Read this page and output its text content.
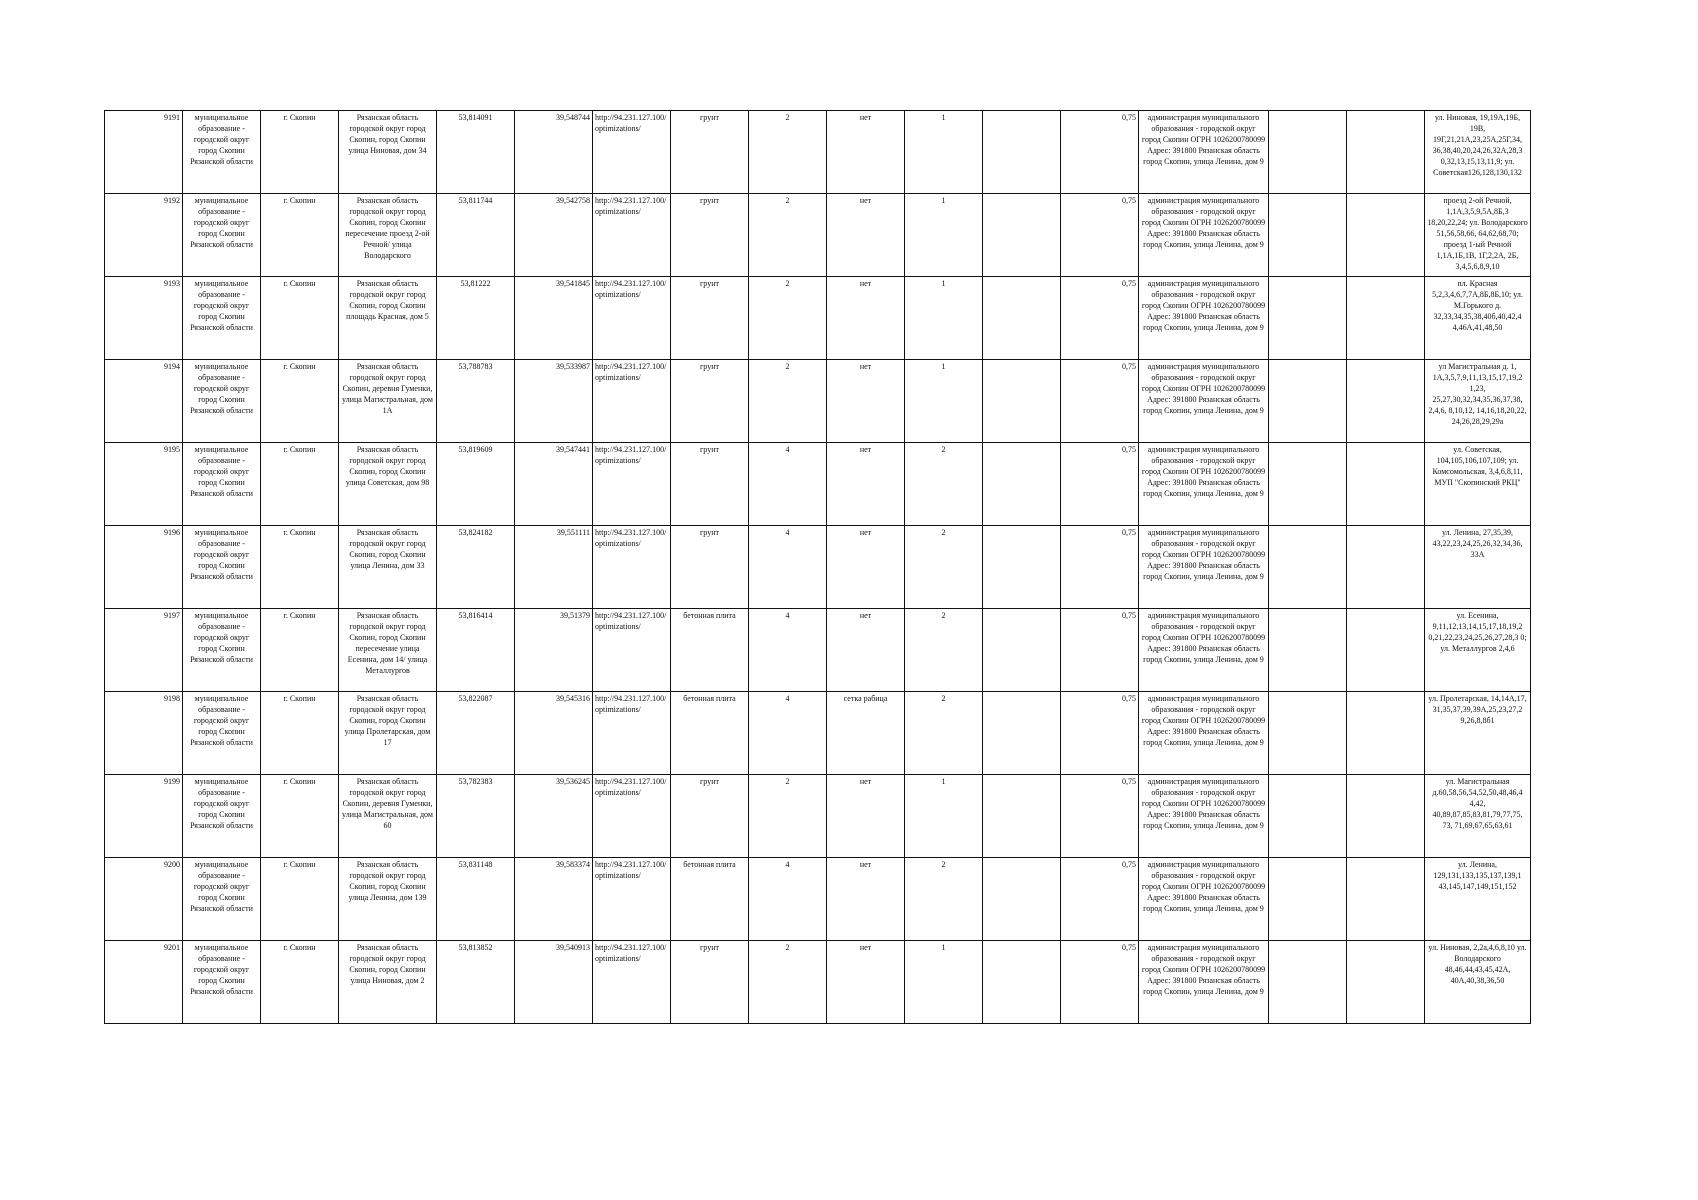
9191	муниципальное образование - городской округ город Скопин Рязанской области	г. Скопин	Рязанская область городской округ город Скопин, город Скопин улица Ниновая, дом 34	53,814091	39,548744	http://94.231.127.100/optimizations/	грунт	2	нет	1		0,75	администрация муниципального образования - городской округ город Скопин ОГРН 1026200780099 Адрес: 391800 Рязанская область город Скопин, улица Ленина, дом 9			ул. Ниновая, 19,19А,19Б, 19В, 19Г,21,21А,23,25А,25Г,34, 36,38,40,20,24,26,32А,28,3 0,32,13,15,13,11,9; ул. Советская126,128,130,132
9192	муниципальное образование - городской округ город Скопин Рязанской области	г. Скопин	Рязанская область городской округ город Скопин, город Скопин пересечение проезд 2-ой Речной/ улица Володарского	53,811744	39,542758	http://94.231.127.100/optimizations/	грунт	2	нет	1		0,75	администрация муниципального образования - городской округ город Скопин ОГРН 1026200780099 Адрес: 391800 Рязанская область город Скопин, улица Ленина, дом 9			проезд 2-ой Речной, 1,1А,3,5,9,5А,8Б,3 18,20,22,24; ул. Володарского 51,56,58,66, 64,62,68,70; проезд 1-ый Речной 1,1А,1Б,1В, 1Г,2,2А, 2Б, 3,4,5,6,8,9,10
9193	муниципальное образование - городской округ город Скопин Рязанской области	г. Скопин	Рязанская область городской округ город Скопин, город Скопин площадь Красная, дом 5	53,81222	39,541845	http://94.231.127.100/optimizations/	грунт	2	нет	1		0,75	администрация муниципального образования - городской округ город Скопин ОГРН 1026200780099 Адрес: 391800 Рязанская область город Скопин, улица Ленина, дом 9			пл. Красная 5,2,3,4,6,7,7А,8Б,8Б,10; ул. М.Горького д. 32,33,34,35,38,40б,40,42,4 4,46А,41,48,50
9194	муниципальное образование - городской округ город Скопин Рязанской области	г. Скопин	Рязанская область городской округ город Скопин, деревня Гуменки, улица Магистральная, дом 1А	53,788783	39,533987	http://94.231.127.100/optimizations/	грунт	2	нет	1		0,75	администрация муниципального образования - городской округ город Скопин ОГРН 1026200780099 Адрес: 391800 Рязанская область город Скопин, улица Ленина, дом 9			ул Магистральная д. 1, 1А,3,5,7,9,11,13,15,17,19,2 1,23, 25,27,30,32,34,35,36,37,38, 2,4,6, 8,10,12, 14,16,18,20,22, 24,26,28,29,29а
9195	муниципальное образование - городской округ город Скопин Рязанской области	г. Скопин	Рязанская область городской округ город Скопин, город Скопин улица Советская, дом 98	53,819609	39,547441	http://94.231.127.100/optimizations/	грунт	4	нет	2		0,75	администрация муниципального образования - городской округ город Скопин ОГРН 1026200780099 Адрес: 391800 Рязанская область город Скопин, улица Ленина, дом 9			ул. Советская, 104,105,106,107,109; ул. Комсомольская, 3,4,6,8,11, МУП "Скопинский РКЦ"
9196	муниципальное образование - городской округ город Скопин Рязанской области	г. Скопин	Рязанская область городской округ город Скопин, город Скопин улица Ленина, дом 33	53,824182	39,551111	http://94.231.127.100/optimizations/	грунт	4	нет	2		0,75	администрация муниципального образования - городской округ город Скопин ОГРН 1026200780099 Адрес: 391800 Рязанская область город Скопин, улица Ленина, дом 9			ул. Ленина, 27,35,39, 43,22,23,24,25,26,32,34,36, 33А
9197	муниципальное образование - городской округ город Скопин Рязанской области	г. Скопин	Рязанская область городской округ город Скопин, город Скопин пересечение улица Есенина, дом 14/ улица Металлургов	53,816414	39,51379	http://94.231.127.100/optimizations/	бетонная плита	4	нет	2		0,75	администрация муниципального образования - городской округ город Скопин ОГРН 1026200780099 Адрес: 391800 Рязанская область город Скопин, улица Ленина, дом 9			ул. Есенина, 9,11,12,13,14,15,17,18,19,2 0,21,22,23,24,25,26,27,28,3 0; ул. Металлургов 2,4,6
9198	муниципальное образование - городской округ город Скопин Рязанской области	г. Скопин	Рязанская область городской округ город Скопин, город Скопин улица Пролетарская, дом 17	53,822087	39,545316	http://94.231.127.100/optimizations/	бетонная плита	4	сетка рабица	2		0,75	администрация муниципального образования - городской округ город Скопин ОГРН 1026200780099 Адрес: 391800 Рязанская область город Скопин, улица Ленина, дом 9			ул. Пролетарская, 14,14А,17, 31,35,37,39,39А,25,23,27,2 9,26,8,8б1
9199	муниципальное образование - городской округ город Скопин Рязанской области	г. Скопин	Рязанская область городской округ город Скопин, деревня Гуменки, улица Магистральная, дом 60	53,782383	39,536245	http://94.231.127.100/optimizations/	грунт	2	нет	1		0,75	администрация муниципального образования - городской округ город Скопин ОГРН 1026200780099 Адрес: 391800 Рязанская область город Скопин, улица Ленина, дом 9			ул. Магистральная д.60,58,56,54,52,50,48,46,4 4,42, 40,89,87,85,83,81,79,77,75, 73, 71,69,67,65,63,61
9200	муниципальное образование - городской округ город Скопин Рязанской области	г. Скопин	Рязанская область городской округ город Скопин, город Скопин улица Ленина, дом 139	53,831148	39,583374	http://94.231.127.100/optimizations/	бетонная плита	4	нет	2		0,75	администрация муниципального образования - городской округ город Скопин ОГРН 1026200780099 Адрес: 391800 Рязанская область город Скопин, улица Ленина, дом 9			ул. Ленина, 129,131,133,135,137,139,1 43,145,147,149,151,152
9201	муниципальное образование - городской округ город Скопин Рязанской области	г. Скопин	Рязанская область городской округ город Скопин, город Скопин улица Ниновая, дом 2	53,813852	39,540913	http://94.231.127.100/optimizations/	грунт	2	нет	1		0,75	администрация муниципального образования - городской округ город Скопин ОГРН 1026200780099 Адрес: 391800 Рязанская область город Скопин, улица Ленина, дом 9			ул. Ниновая, 2,2а,4,6,8,10 ул. Володарского 48,46,44,43,45,42А, 40А,40,38,36,50
